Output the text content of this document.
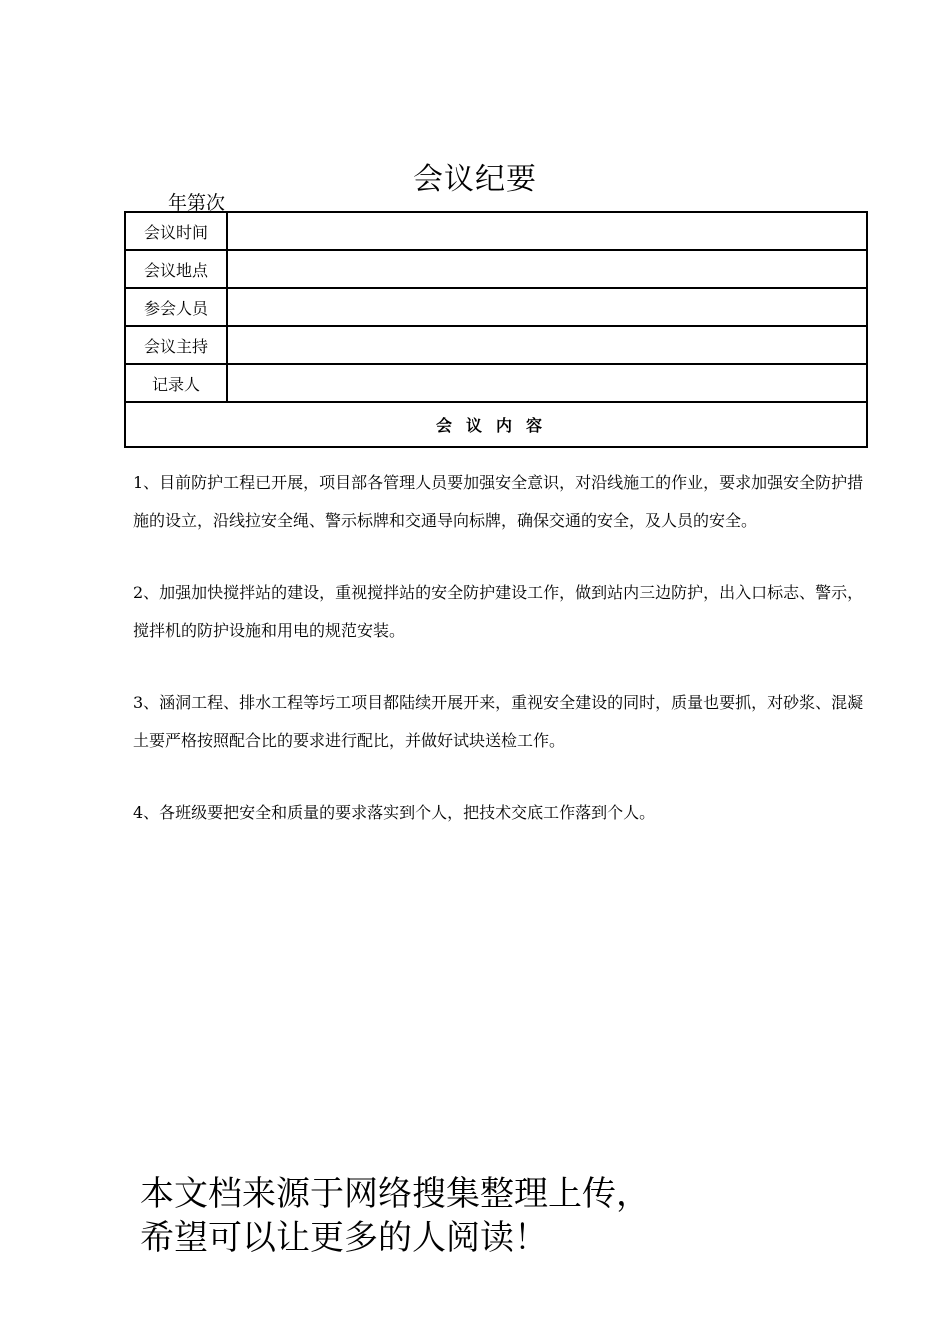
会议纪要
年第次
会议时间	
会议地点	
参会人员	
会议主持	
记录人	
会议内容	

1、目前防护工程已开展，项目部各管理人员要加强安全意识，对沿线施工的作业，要求加强安全防护措施的设立，沿线拉安全绳、警示标牌和交通导向标牌，确保交通的安全，及人员的安全。

2、加强加快搅拌站的建设，重视搅拌站的安全防护建设工作，做到站内三边防护，出入口标志、警示，搅拌机的防护设施和用电的规范安装。

3、涵洞工程、排水工程等圬工项目都陆续开展开来，重视安全建设的同时，质量也要抓，对砂浆、混凝土要严格按照配合比的要求进行配比，并做好试块送检工作。

4、各班级要把安全和质量的要求落实到个人，把技术交底工作落到个人。

本文档来源于网络搜集整理上传，
希望可以让更多的人阅读！
